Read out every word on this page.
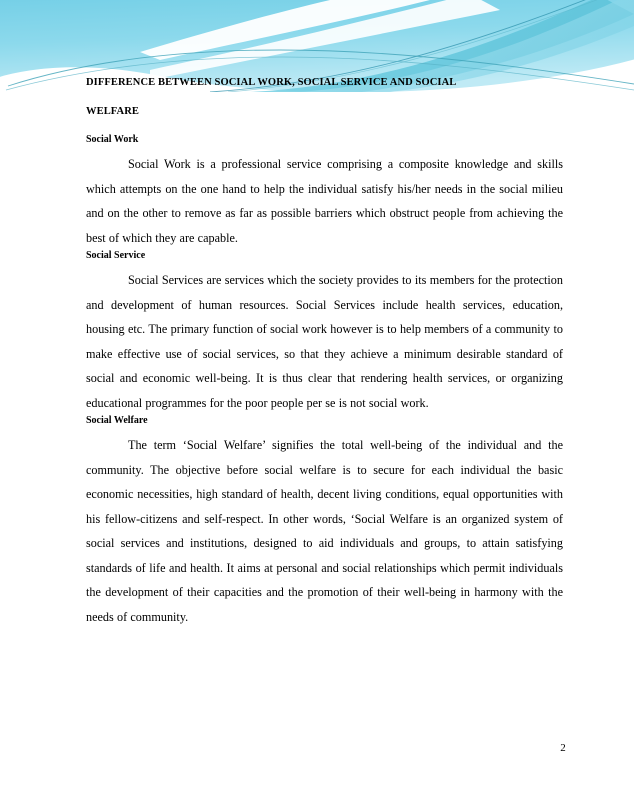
DIFFERENCE BETWEEN SOCIAL WORK, SOCIAL SERVICE AND SOCIAL
WELFARE
Social Work

Social Work is a professional service comprising a composite knowledge and skills which attempts on the one hand to help the individual satisfy his/her needs in the social milieu and on the other to remove as far as possible barriers which obstruct people from achieving the best of which they are capable.

Social Service

Social Services are services which the society provides to its members for the protection and development of human resources. Social Services include health services, education, housing etc. The primary function of social work however is to help members of a community to make effective use of social services, so that they achieve a minimum desirable standard of social and economic well-being. It is thus clear that rendering health services, or organizing educational programmes for the poor people per se is not social work.

Social Welfare

The term ‘Social Welfare’ signifies the total well-being of the individual and the community. The objective before social welfare is to secure for each individual the basic economic necessities, high standard of health, decent living conditions, equal opportunities with his fellow-citizens and self-respect. In other words, ‘Social Welfare is an organized system of social services and institutions, designed to aid individuals and groups, to attain satisfying standards of life and health. It aims at personal and social relationships which permit individuals the development of their capacities and the promotion of their well-being in harmony with the needs of community.

2
